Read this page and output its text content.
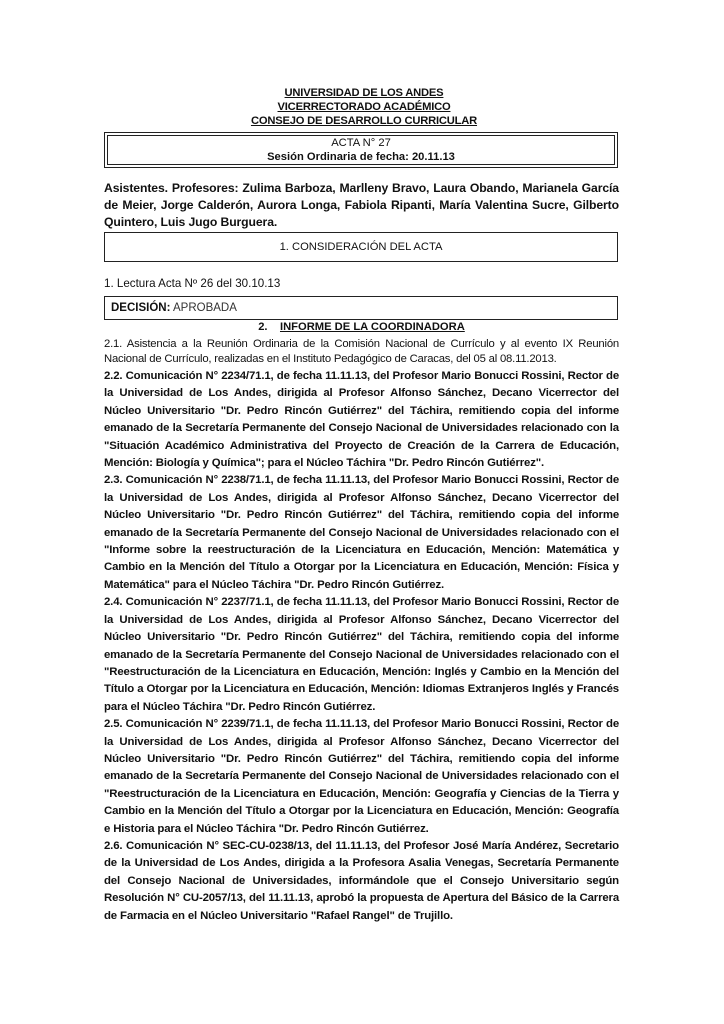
UNIVERSIDAD DE LOS ANDES
VICERRECTORADO ACADÉMICO
CONSEJO DE DESARROLLO CURRICULAR
ACTA N° 27
Sesión Ordinaria de fecha: 20.11.13
Asistentes. Profesores: Zulima Barboza, Marlleny Bravo, Laura Obando, Marianela García de Meier, Jorge Calderón, Aurora Longa, Fabiola Ripanti, María Valentina Sucre, Gilberto Quintero, Luis Jugo Burguera.
1. CONSIDERACIÓN DEL ACTA
1. Lectura Acta Nº 26 del 30.10.13
DECISIÓN: APROBADA
2. INFORME DE LA COORDINADORA
2.1. Asistencia a la Reunión Ordinaria de la Comisión Nacional de Currículo y al evento IX Reunión Nacional de Currículo, realizadas en el Instituto Pedagógico de Caracas, del 05 al 08.11.2013.

2.2. Comunicación N° 2234/71.1, de fecha 11.11.13, del Profesor Mario Bonucci Rossini, Rector de la Universidad de Los Andes, dirigida al Profesor Alfonso Sánchez, Decano Vicerrector del Núcleo Universitario "Dr. Pedro Rincón Gutiérrez" del Táchira, remitiendo copia del informe emanado de la Secretaría Permanente del Consejo Nacional de Universidades relacionado con la "Situación Académico Administrativa del Proyecto de Creación de la Carrera de Educación, Mención: Biología y Química"; para el Núcleo Táchira "Dr. Pedro Rincón Gutiérrez".

2.3. Comunicación N° 2238/71.1, de fecha 11.11.13, del Profesor Mario Bonucci Rossini, Rector de la Universidad de Los Andes, dirigida al Profesor Alfonso Sánchez, Decano Vicerrector del Núcleo Universitario "Dr. Pedro Rincón Gutiérrez" del Táchira, remitiendo copia del informe emanado de la Secretaría Permanente del Consejo Nacional de Universidades relacionado con el "Informe sobre la reestructuración de la Licenciatura en Educación, Mención: Matemática y Cambio en la Mención del Título a Otorgar por la Licenciatura en Educación, Mención: Física y Matemática" para el Núcleo Táchira "Dr. Pedro Rincón Gutiérrez.

2.4. Comunicación N° 2237/71.1, de fecha 11.11.13, del Profesor Mario Bonucci Rossini, Rector de la Universidad de Los Andes, dirigida al Profesor Alfonso Sánchez, Decano Vicerrector del Núcleo Universitario "Dr. Pedro Rincón Gutiérrez" del Táchira, remitiendo copia del informe emanado de la Secretaría Permanente del Consejo Nacional de Universidades relacionado con el "Reestructuración de la Licenciatura en Educación, Mención: Inglés y Cambio en la Mención del Título a Otorgar por la Licenciatura en Educación, Mención: Idiomas Extranjeros Inglés y Francés para el Núcleo Táchira "Dr. Pedro Rincón Gutiérrez.

2.5. Comunicación N° 2239/71.1, de fecha 11.11.13, del Profesor Mario Bonucci Rossini, Rector de la Universidad de Los Andes, dirigida al Profesor Alfonso Sánchez, Decano Vicerrector del Núcleo Universitario "Dr. Pedro Rincón Gutiérrez" del Táchira, remitiendo copia del informe emanado de la Secretaría Permanente del Consejo Nacional de Universidades relacionado con el "Reestructuración de la Licenciatura en Educación, Mención: Geografía y Ciencias de la Tierra y Cambio en la Mención del Título a Otorgar por la Licenciatura en Educación, Mención: Geografía e Historia para el Núcleo Táchira "Dr. Pedro Rincón Gutiérrez.

2.6. Comunicación N° SEC-CU-0238/13, del 11.11.13, del Profesor José María Andérez, Secretario de la Universidad de Los Andes, dirigida a la Profesora Asalia Venegas, Secretaría Permanente del Consejo Nacional de Universidades, informándole que el Consejo Universitario según Resolución N° CU-2057/13, del 11.11.13, aprobó la propuesta de Apertura del Básico de la Carrera de Farmacia en el Núcleo Universitario "Rafael Rangel" de Trujillo.
